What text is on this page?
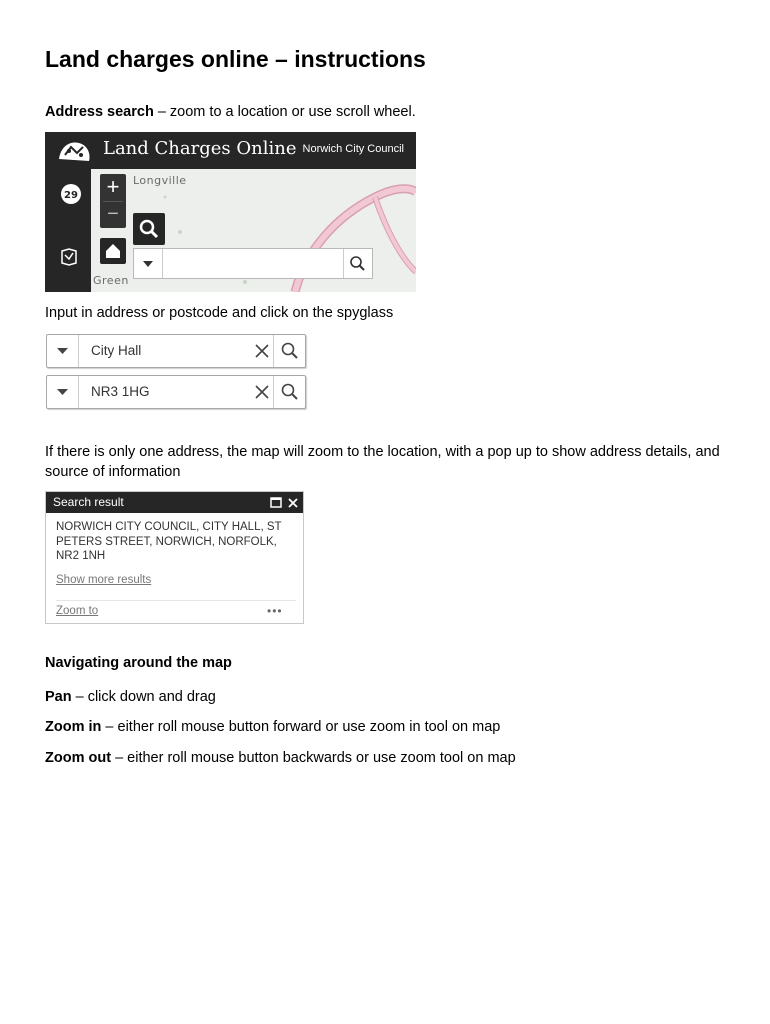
Land charges online – instructions
Address search – zoom to a location or use scroll wheel.
Land Charges Online Norwich City Council
29
Longville
Green
+
−
Input in address or postcode and click on the spyglass
City Hall
NR3 1HG
If there is only one address, the map will zoom to the location, with a pop up to show address details, and source of information
Search result
NORWICH CITY COUNCIL, CITY HALL, ST PETERS STREET, NORWICH, NORFOLK, NR2 1NH
Show more results
Zoom to	•••
Navigating around the map
Pan – click down and drag
Zoom in – either roll mouse button forward or use zoom in tool on map
Zoom out – either roll mouse button backwards or use zoom tool on map
